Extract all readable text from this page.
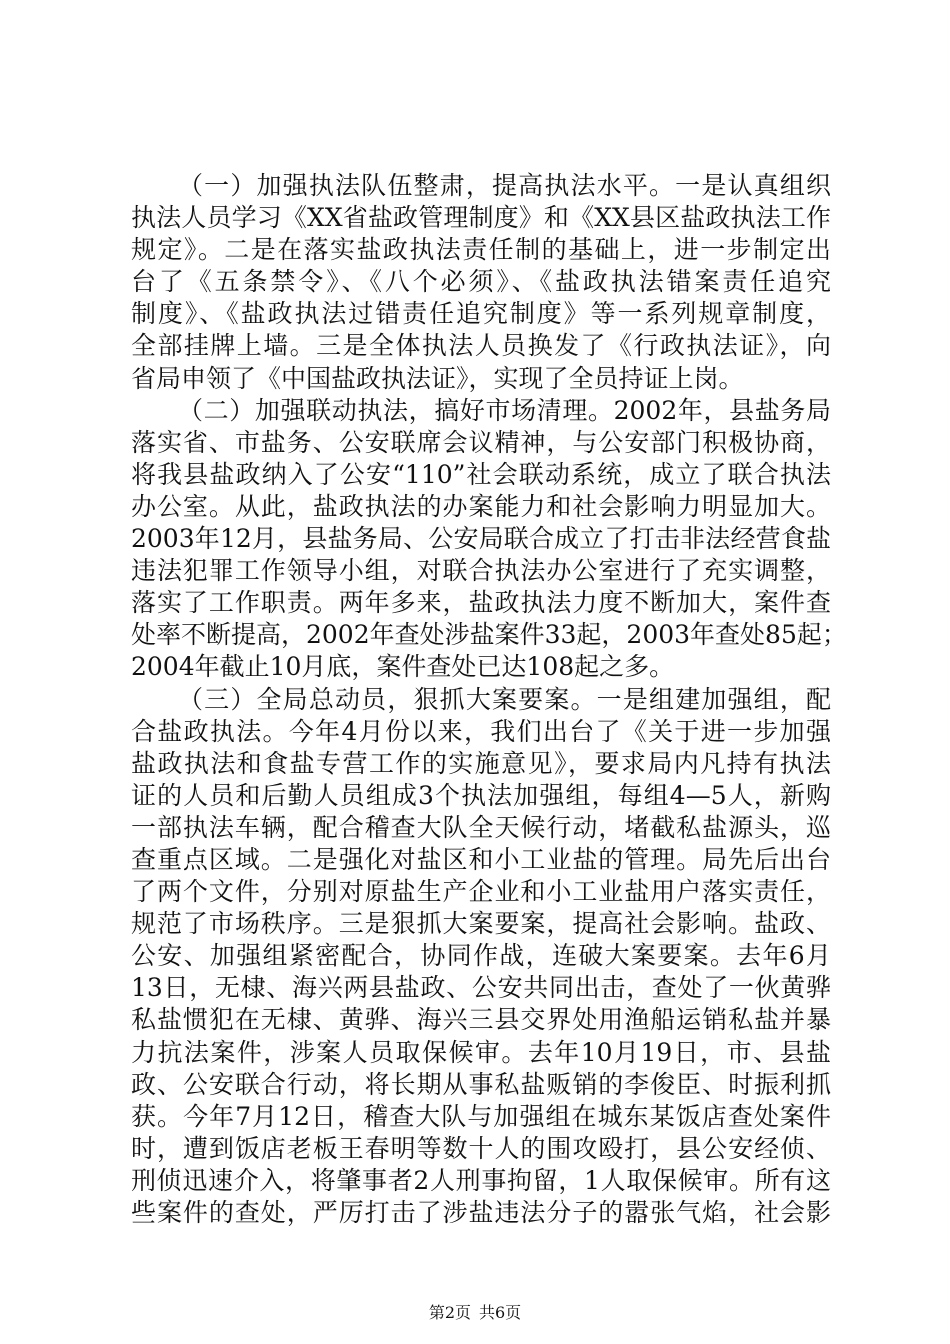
（一）加强执法队伍整肃，提高执法水平。一是认真组织
执法人员学习《XX省盐政管理制度》和《XX县区盐政执法工作
规定》。二是在落实盐政执法责任制的基础上，进一步制定出
台了《五条禁令》、《八个必须》、《盐政执法错案责任追究
制度》、《盐政执法过错责任追究制度》等一系列规章制度，
全部挂牌上墙。三是全体执法人员换发了《行政执法证》，向
省局申领了《中国盐政执法证》，实现了全员持证上岗。
（二）加强联动执法，搞好市场清理。2002年，县盐务局
落实省、市盐务、公安联席会议精神，与公安部门积极协商，
将我县盐政纳入了公安“110”社会联动系统，成立了联合执法
办公室。从此，盐政执法的办案能力和社会影响力明显加大。
2003年12月，县盐务局、公安局联合成立了打击非法经营食盐
违法犯罪工作领导小组，对联合执法办公室进行了充实调整，
落实了工作职责。两年多来，盐政执法力度不断加大，案件查
处率不断提高，2002年查处涉盐案件33起，2003年查处85起；
2004年截止10月底，案件查处已达108起之多。
（三）全局总动员，狠抓大案要案。一是组建加强组，配
合盐政执法。今年4月份以来，我们出台了《关于进一步加强
盐政执法和食盐专营工作的实施意见》，要求局内凡持有执法
证的人员和后勤人员组成3个执法加强组，每组4—5人，新购
一部执法车辆，配合稽查大队全天候行动，堵截私盐源头，巡
查重点区域。二是强化对盐区和小工业盐的管理。局先后出台
了两个文件，分别对原盐生产企业和小工业盐用户落实责任，
规范了市场秩序。三是狠抓大案要案，提高社会影响。盐政、
公安、加强组紧密配合，协同作战，连破大案要案。去年6月
13日，无棣、海兴两县盐政、公安共同出击，查处了一伙黄骅
私盐惯犯在无棣、黄骅、海兴三县交界处用渔船运销私盐并暴
力抗法案件，涉案人员取保候审。去年10月19日，市、县盐
政、公安联合行动，将长期从事私盐贩销的李俊臣、时振利抓
获。今年7月12日，稽查大队与加强组在城东某饭店查处案件
时，遭到饭店老板王春明等数十人的围攻殴打，县公安经侦、
刑侦迅速介入，将肇事者2人刑事拘留，1人取保候审。所有这
些案件的查处，严厉打击了涉盐违法分子的嚣张气焰，社会影
第2页 共6页
